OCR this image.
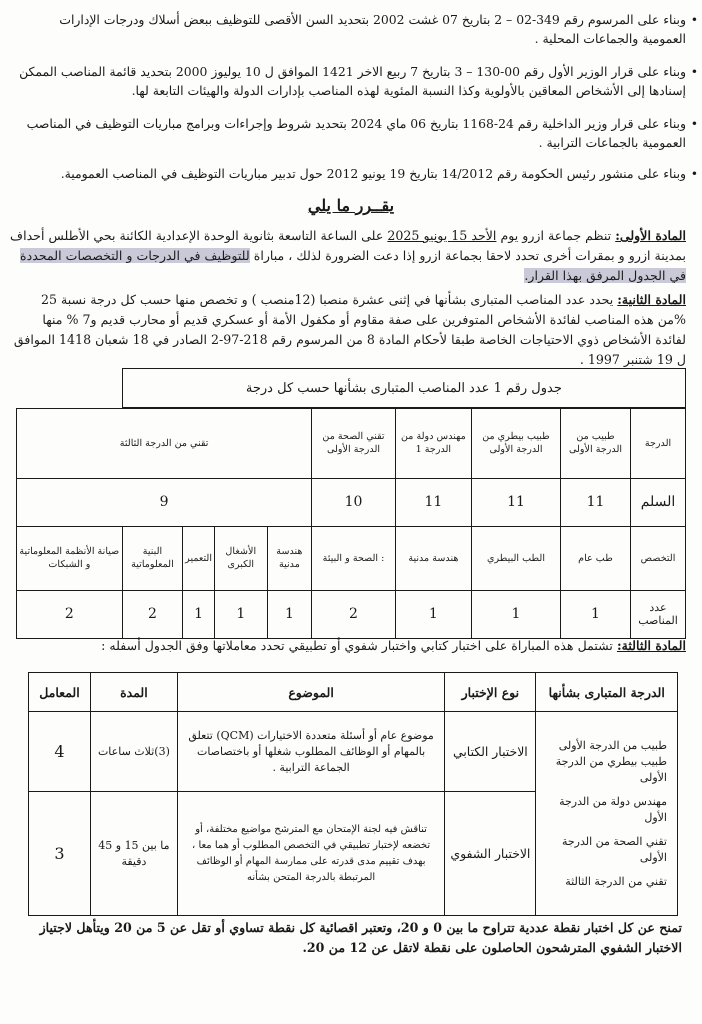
• وبناء على المرسوم رقم 349-02 – 2 بتاريخ 07 غشت 2002 بتحديد السن الأقصى للتوظيف ببعض أسلاك ودرجات الإدارات العمومية والجماعات المحلية .
• وبناء على قرار الوزير الأول رقم 00-130 – 3 بتاريخ 7 ربيع الاخر 1421 الموافق ل 10 يوليوز 2000 بتحديد قائمة المناصب الممكن إسنادها إلى الأشخاص المعاقين بالأولوية وكذا النسبة المئوية لهذه المناصب بإدارات الدولة والهيئات التابعة لها.
• وبناء على قرار وزير الداخلية رقم 24-1168 بتاريخ 06 ماي 2024 بتحديد شروط وإجراءات وبرامج مباريات التوظيف في المناصب العمومية بالجماعات الترابية .
• وبناء على منشور رئيس الحكومة رقم 14/2012 بتاريخ 19 يونيو 2012 حول تدبير مباريات التوظيف في المناصب العمومية.
يقــرر ما يلي
المادة الأولى: تنظم جماعة ازرو يوم الأحد 15 يونيو 2025 على الساعة التاسعة بثانوية الوحدة الإعدادية الكائنة بحي الأطلس أحداف بمدينة ازرو و بمقرات أخرى تحدد لاحقا بجماعة ازرو إذا دعت الضرورة لذلك ، مباراة للتوظيف في الدرجات و التخصصات المحددة في الجدول المرفق بهذا القرار.
المادة الثانية: يحدد عدد المناصب المتبارى بشأنها في إثنى عشرة منصبا (12منصب ) و تخصص منها حسب كل درجة نسبة 25 %من هذه المناصب لفائدة الأشخاص المتوفرين على صفة مقاوم أو مكفول الأمة أو عسكري قديم أو محارب قديم و7 % منها لفائدة الأشخاص ذوي الاحتياجات الخاصة طبقا لأحكام المادة 8 من المرسوم رقم 218-97-2 الصادر في 18 شعبان 1418 الموافق ل 19 شتنبر 1997 .
جدول رقم 1 عدد المناصب المتبارى بشأنها حسب كل درجة									
الدرجة	طبيب من الدرجة الأولى	طبيب بيطري من الدرجة الأولى	مهندس دولة من الدرجة 1	تقني الصحة من الدرجة الأولى	تقني من الدرجة الثالثة				
السلم	11	11	11	10	9				
التخصص	طب عام	الطب البيطري	هندسة مدنية	: الصحة و البيئة	هندسة مدنية	الأشغال الكبرى	التعمير	البنية المعلوماتية	صيانة الأنظمة المعلوماتية و الشبكات
عدد المناصب	1	1	1	2	1	1	1	2	2
المادة الثالثة: تشتمل هذه المباراة على اختبار كتابي واختبار شفوي أو تطبيقي تحدد معاملاتها وفق الجدول أسفله :
الدرجة المتبارى بشأنها	نوع الإختبار	الموضوع	المدة	المعامل

طبيب من الدرجة الأولى
طبيب بيطري من الدرجة الأولى
مهندس دولة من الدرجة الأول
تقني الصحة من الدرجة الأولى
تقني من الدرجة الثالثة	الاختبار الكتابي	موضوع عام أو أسئلة متعددة الاختيارات (QCM) تتعلق بالمهام أو الوظائف المطلوب شغلها أو باختصاصات الجماعة الترابية .	(3)ثلاث ساعات	4
	الاختبار الشفوي	تناقش فيه لجنة الإمتحان مع المترشح مواضيع مختلفة، أو تخضعه لإختبار تطبيقي في التخصص المطلوب أو هما معا ، بهدف تقييم مدى قدرته على ممارسة المهام أو الوظائف المرتبطة بالدرجة المتحن بشأنه	ما بين 15 و 45 دقيقة	3
تمنح عن كل اختبار نقطة عددية تتراوح ما بين 0 و 20، وتعتبر اقصائية كل نقطة تساوي أو تقل عن 5 من 20 ويتأهل لاجتياز الاختبار الشفوي المترشحون الحاصلون على نقطة لاتقل عن 12 من 20.
